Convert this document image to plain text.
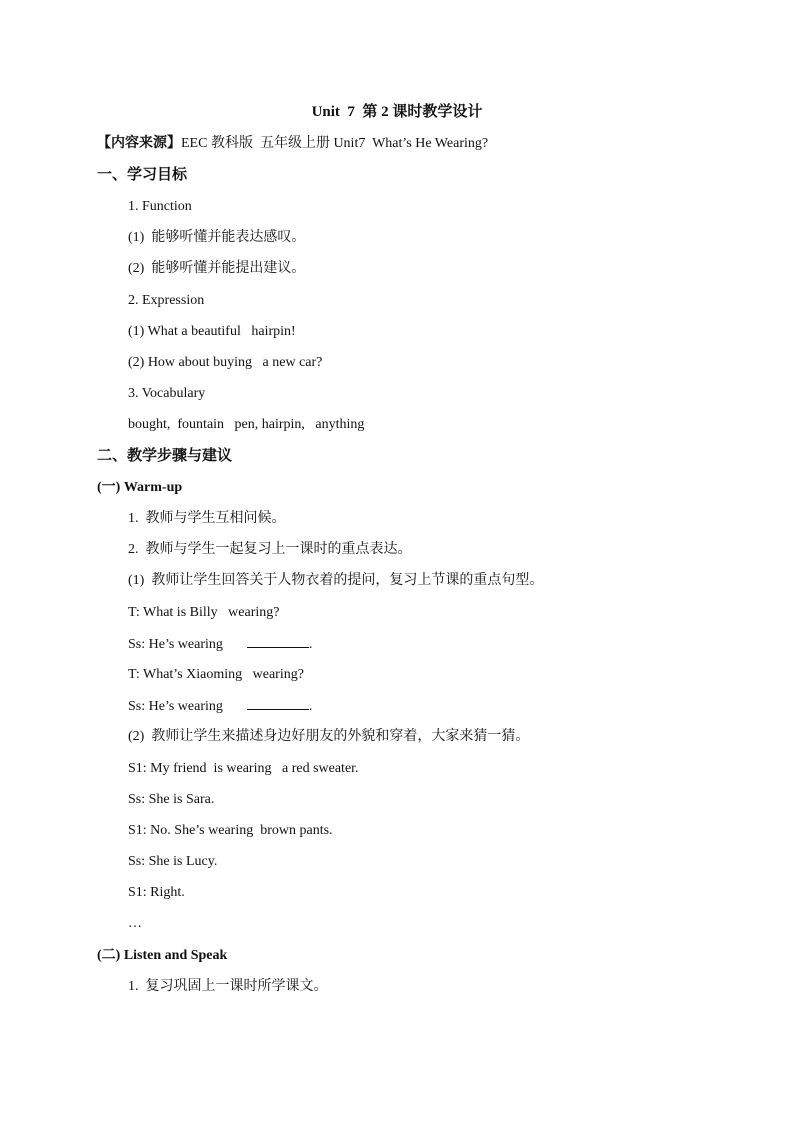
Unit  7  第 2 课时教学设计
【内容来源】EEC 教科版  五年级上册 Unit7  What’s He Wearing?
一、学习目标
1. Function
(1)  能够听懂并能表达感叹。
(2)  能够听懂并能提出建议。
2. Expression
(1) What a beautiful   hairpin!
(2) How about buying   a new car?
3. Vocabulary
bought,  fountain   pen, hairpin,   anything
二、教学步骤与建议
(一) Warm-up
1.  教师与学生互相问候。
2.  教师与学生一起复习上一课时的重点表达。
(1)  教师让学生回答关于人物衣着的提问，复习上节课的重点句型。
T: What is Billy   wearing?
Ss: He’s wearing	.
T: What’s Xiaoming   wearing?
Ss: He’s wearing	.
(2)  教师让学生来描述身边好朋友的外貌和穿着，大家来猜一猜。
S1: My friend  is wearing   a red sweater.
Ss: She is Sara.
S1: No. She’s wearing  brown pants.
Ss: She is Lucy.
S1: Right.
…
(二) Listen and Speak
1.  复习巩固上一课时所学课文。
